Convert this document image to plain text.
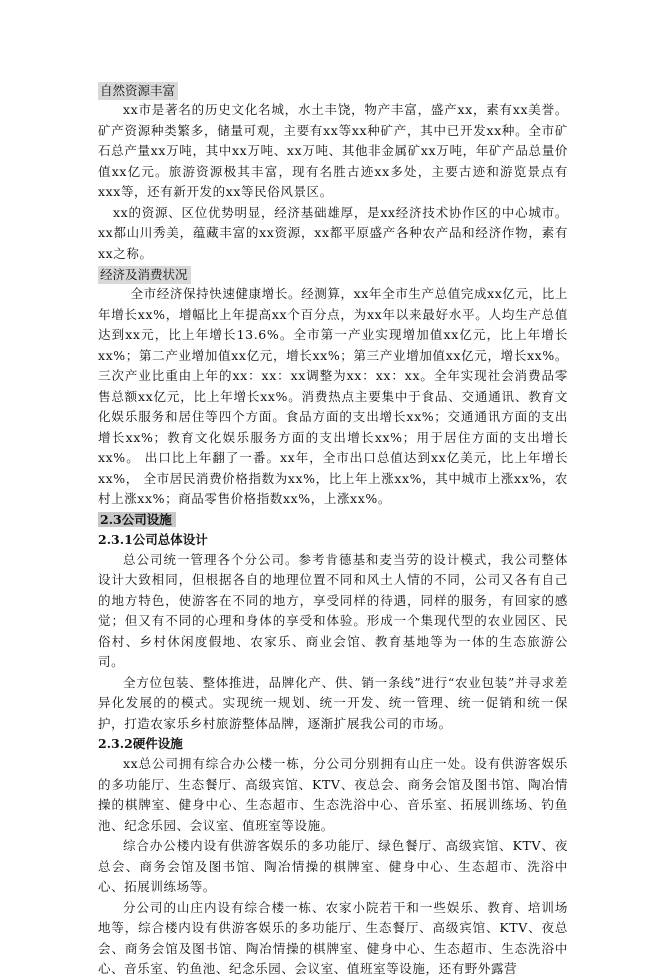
自然资源丰富

xx市是著名的历史文化名城，水土丰饶，物产丰富，盛产xx，素有xx美誉。矿产资源种类繁多，储量可观，主要有xx等xx种矿产，其中已开发xx种。全市矿石总产量xx万吨，其中xx万吨、xx万吨、其他非金属矿xx万吨，年矿产品总量价值xx亿元。旅游资源极其丰富，现有名胜古迹xx多处，主要古迹和游览景点有xxx等，还有新开发的xx等民俗风景区。

xx的资源、区位优势明显，经济基础雄厚，是xx经济技术协作区的中心城市。xx都山川秀美，蕴藏丰富的xx资源，xx都平原盛产各种农产品和经济作物，素有xx之称。

经济及消费状况

全市经济保持快速健康增长。经测算，xx年全市生产总值完成xx亿元，比上年增长xx%，增幅比上年提高xx个百分点，为xx年以来最好水平。人均生产总值达到xx元，比上年增长13.6%。全市第一产业实现增加值xx亿元，比上年增长xx%；第二产业增加值xx亿元，增长xx%；第三产业增加值xx亿元，增长xx%。三次产业比重由上年的xx：xx：xx调整为xx：xx：xx。全年实现社会消费品零售总额xx亿元，比上年增长xx%。消费热点主要集中于食品、交通通讯、教育文化娱乐服务和居住等四个方面。食品方面的支出增长xx%；交通通讯方面的支出增长xx%；教育文化娱乐服务方面的支出增长xx%；用于居住方面的支出增长xx%。 出口比上年翻了一番。xx年，全市出口总值达到xx亿美元，比上年增长xx%， 全市居民消费价格指数为xx%，比上年上涨xx%，其中城市上涨xx%，农村上涨xx%；商品零售价格指数xx%，上涨xx%。

2.3公司设施
2.3.1公司总体设计

总公司统一管理各个分公司。参考肯德基和麦当劳的设计模式，我公司整体设计大致相同，但根据各自的地理位置不同和风土人情的不同，公司又各有自己的地方特色，使游客在不同的地方，享受同样的待遇，同样的服务，有回家的感觉；但又有不同的心理和身体的享受和体验。形成一个集现代型的农业园区、民俗村、乡村休闲度假地、农家乐、商业会馆、教育基地等为一体的生态旅游公司。

全方位包装、整体推进，品牌化产、供、销一条线”进行“农业包装”并寻求差异化发展的的模式。实现统一规划、统一开发、统一管理、统一促销和统一保护，打造农家乐乡村旅游整体品牌，逐渐扩展我公司的市场。

2.3.2硬件设施

xx总公司拥有综合办公楼一栋，分公司分别拥有山庄一处。设有供游客娱乐的多功能厅、生态餐厅、高级宾馆、KTV、夜总会、商务会馆及图书馆、陶冶情操的棋牌室、健身中心、生态超市、生态洗浴中心、音乐室、拓展训练场、钓鱼池、纪念乐园、会议室、值班室等设施。

综合办公楼内设有供游客娱乐的多功能厅、绿色餐厅、高级宾馆、KTV、夜总会、商务会馆及图书馆、陶冶情操的棋牌室、健身中心、生态超市、洗浴中心、拓展训练场等。

分公司的山庄内设有综合楼一栋、农家小院若干和一些娱乐、教育、培训场地等，综合楼内设有供游客娱乐的多功能厅、生态餐厅、高级宾馆、KTV、夜总会、商务会馆及图书馆、陶冶情操的棋牌室、健身中心、生态超市、生态洗浴中心、音乐室、钓鱼池、纪念乐园、会议室、值班室等设施，还有野外露营
